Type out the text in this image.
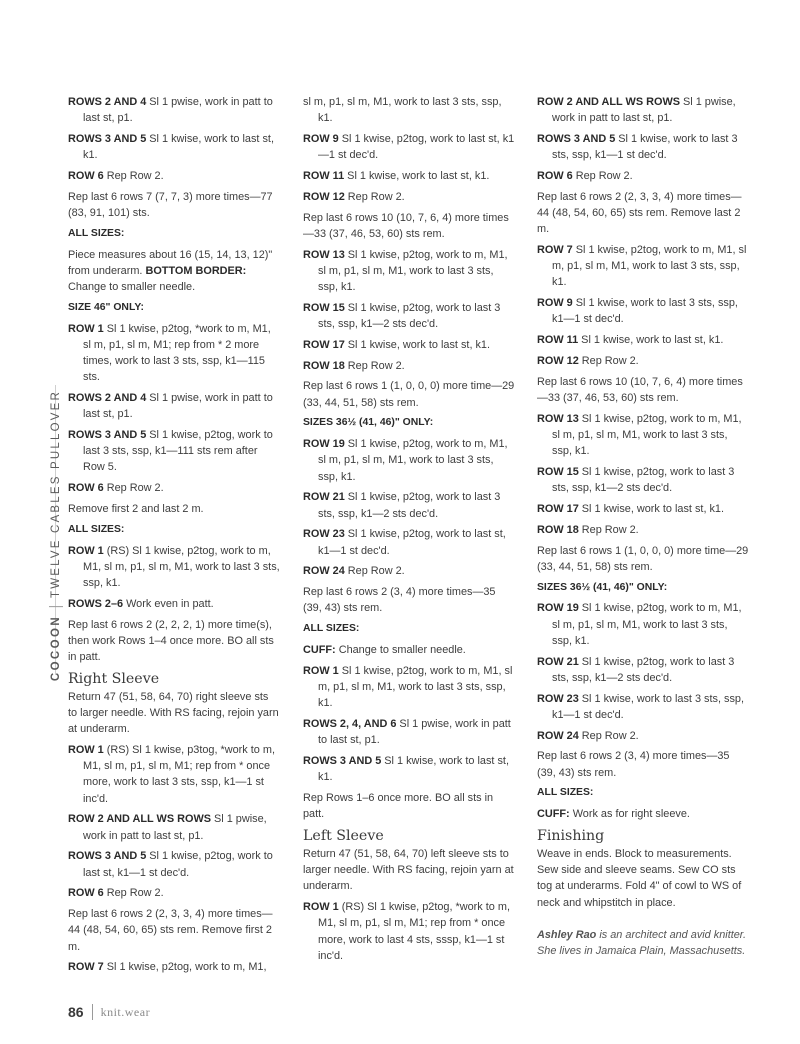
COCOON
TWELVE CABLES PULLOVER

ROWS 2 AND 4 Sl 1 pwise, work in patt to last st, p1.

ROWS 3 AND 5 Sl 1 kwise, work to last st, k1.

ROW 6 Rep Row 2.

Rep last 6 rows 7 (7, 7, 3) more times—77 (83, 91, 101) sts.

ALL SIZES:

Piece measures about 16 (15, 14, 13, 12)" from underarm. BOTTOM BORDER: Change to smaller needle.

SIZE 46" ONLY:

ROW 1 Sl 1 kwise, p2tog, *work to m, M1, sl m, p1, sl m, M1; rep from * 2 more times, work to last 3 sts, ssp, k1—115 sts.

ROWS 2 AND 4 Sl 1 pwise, work in patt to last st, p1.

ROWS 3 AND 5 Sl 1 kwise, p2tog, work to last 3 sts, ssp, k1—111 sts rem after Row 5.

ROW 6 Rep Row 2.

Remove first 2 and last 2 m.

ALL SIZES:

ROW 1 (RS) Sl 1 kwise, p2tog, work to m, M1, sl m, p1, sl m, M1, work to last 3 sts, ssp, k1.

ROWS 2–6 Work even in patt.

Rep last 6 rows 2 (2, 2, 2, 1) more time(s), then work Rows 1–4 once more. BO all sts in patt.

Right Sleeve

Return 47 (51, 58, 64, 70) right sleeve sts to larger needle. With RS facing, rejoin yarn at underarm.

ROW 1 (RS) Sl 1 kwise, p3tog, *work to m, M1, sl m, p1, sl m, M1; rep from * once more, work to last 3 sts, ssp, k1—1 st inc'd.

ROW 2 AND ALL WS ROWS Sl 1 pwise, work in patt to last st, p1.

ROWS 3 AND 5 Sl 1 kwise, p2tog, work to last st, k1—1 st dec'd.

ROW 6 Rep Row 2.

Rep last 6 rows 2 (2, 3, 3, 4) more times—44 (48, 54, 60, 65) sts rem. Remove first 2 m.

ROW 7 Sl 1 kwise, p2tog, work to m, M1,

sl m, p1, sl m, M1, work to last 3 sts, ssp, k1.

ROW 9 Sl 1 kwise, p2tog, work to last st, k1—1 st dec'd.

ROW 11 Sl 1 kwise, work to last st, k1.

ROW 12 Rep Row 2.

Rep last 6 rows 10 (10, 7, 6, 4) more times—33 (37, 46, 53, 60) sts rem.

ROW 13 Sl 1 kwise, p2tog, work to m, M1, sl m, p1, sl m, M1, work to last 3 sts, ssp, k1.

ROW 15 Sl 1 kwise, p2tog, work to last 3 sts, ssp, k1—2 sts dec'd.

ROW 17 Sl 1 kwise, work to last st, k1.

ROW 18 Rep Row 2.

Rep last 6 rows 1 (1, 0, 0, 0) more time—29 (33, 44, 51, 58) sts rem.

SIZES 36½ (41, 46)" ONLY:

ROW 19 Sl 1 kwise, p2tog, work to m, M1, sl m, p1, sl m, M1, work to last 3 sts, ssp, k1.

ROW 21 Sl 1 kwise, p2tog, work to last 3 sts, ssp, k1—2 sts dec'd.

ROW 23 Sl 1 kwise, p2tog, work to last st, k1—1 st dec'd.

ROW 24 Rep Row 2.

Rep last 6 rows 2 (3, 4) more times—35 (39, 43) sts rem.

ALL SIZES:

CUFF: Change to smaller needle.

ROW 1 Sl 1 kwise, p2tog, work to m, M1, sl m, p1, sl m, M1, work to last 3 sts, ssp, k1.

ROWS 2, 4, AND 6 Sl 1 pwise, work in patt to last st, p1.

ROWS 3 AND 5 Sl 1 kwise, work to last st, k1.

Rep Rows 1–6 once more. BO all sts in patt.

Left Sleeve

Return 47 (51, 58, 64, 70) left sleeve sts to larger needle. With RS facing, rejoin yarn at underarm.

ROW 1 (RS) Sl 1 kwise, p2tog, *work to m, M1, sl m, p1, sl m, M1; rep from * once more, work to last 4 sts, sssp, k1—1 st inc'd.

ROW 2 AND ALL WS ROWS Sl 1 pwise, work in patt to last st, p1.

ROWS 3 AND 5 Sl 1 kwise, work to last 3 sts, ssp, k1—1 st dec'd.

ROW 6 Rep Row 2.

Rep last 6 rows 2 (2, 3, 3, 4) more times—44 (48, 54, 60, 65) sts rem. Remove last 2 m.

ROW 7 Sl 1 kwise, p2tog, work to m, M1, sl m, p1, sl m, M1, work to last 3 sts, ssp, k1.

ROW 9 Sl 1 kwise, work to last 3 sts, ssp, k1—1 st dec'd.

ROW 11 Sl 1 kwise, work to last st, k1.

ROW 12 Rep Row 2.

Rep last 6 rows 10 (10, 7, 6, 4) more times—33 (37, 46, 53, 60) sts rem.

ROW 13 Sl 1 kwise, p2tog, work to m, M1, sl m, p1, sl m, M1, work to last 3 sts, ssp, k1.

ROW 15 Sl 1 kwise, p2tog, work to last 3 sts, ssp, k1—2 sts dec'd.

ROW 17 Sl 1 kwise, work to last st, k1.

ROW 18 Rep Row 2.

Rep last 6 rows 1 (1, 0, 0, 0) more time—29 (33, 44, 51, 58) sts rem.

SIZES 36½ (41, 46)" ONLY:

ROW 19 Sl 1 kwise, p2tog, work to m, M1, sl m, p1, sl m, M1, work to last 3 sts, ssp, k1.

ROW 21 Sl 1 kwise, p2tog, work to last 3 sts, ssp, k1—2 sts dec'd.

ROW 23 Sl 1 kwise, work to last 3 sts, ssp, k1—1 st dec'd.

ROW 24 Rep Row 2.

Rep last 6 rows 2 (3, 4) more times—35 (39, 43) sts rem.

ALL SIZES:

CUFF: Work as for right sleeve.

Finishing

Weave in ends. Block to measurements. Sew side and sleeve seams. Sew CO sts tog at underarms. Fold 4" of cowl to WS of neck and whipstitch in place.

Ashley Rao is an architect and avid knitter. She lives in Jamaica Plain, Massachusetts.

86 knit.wear
